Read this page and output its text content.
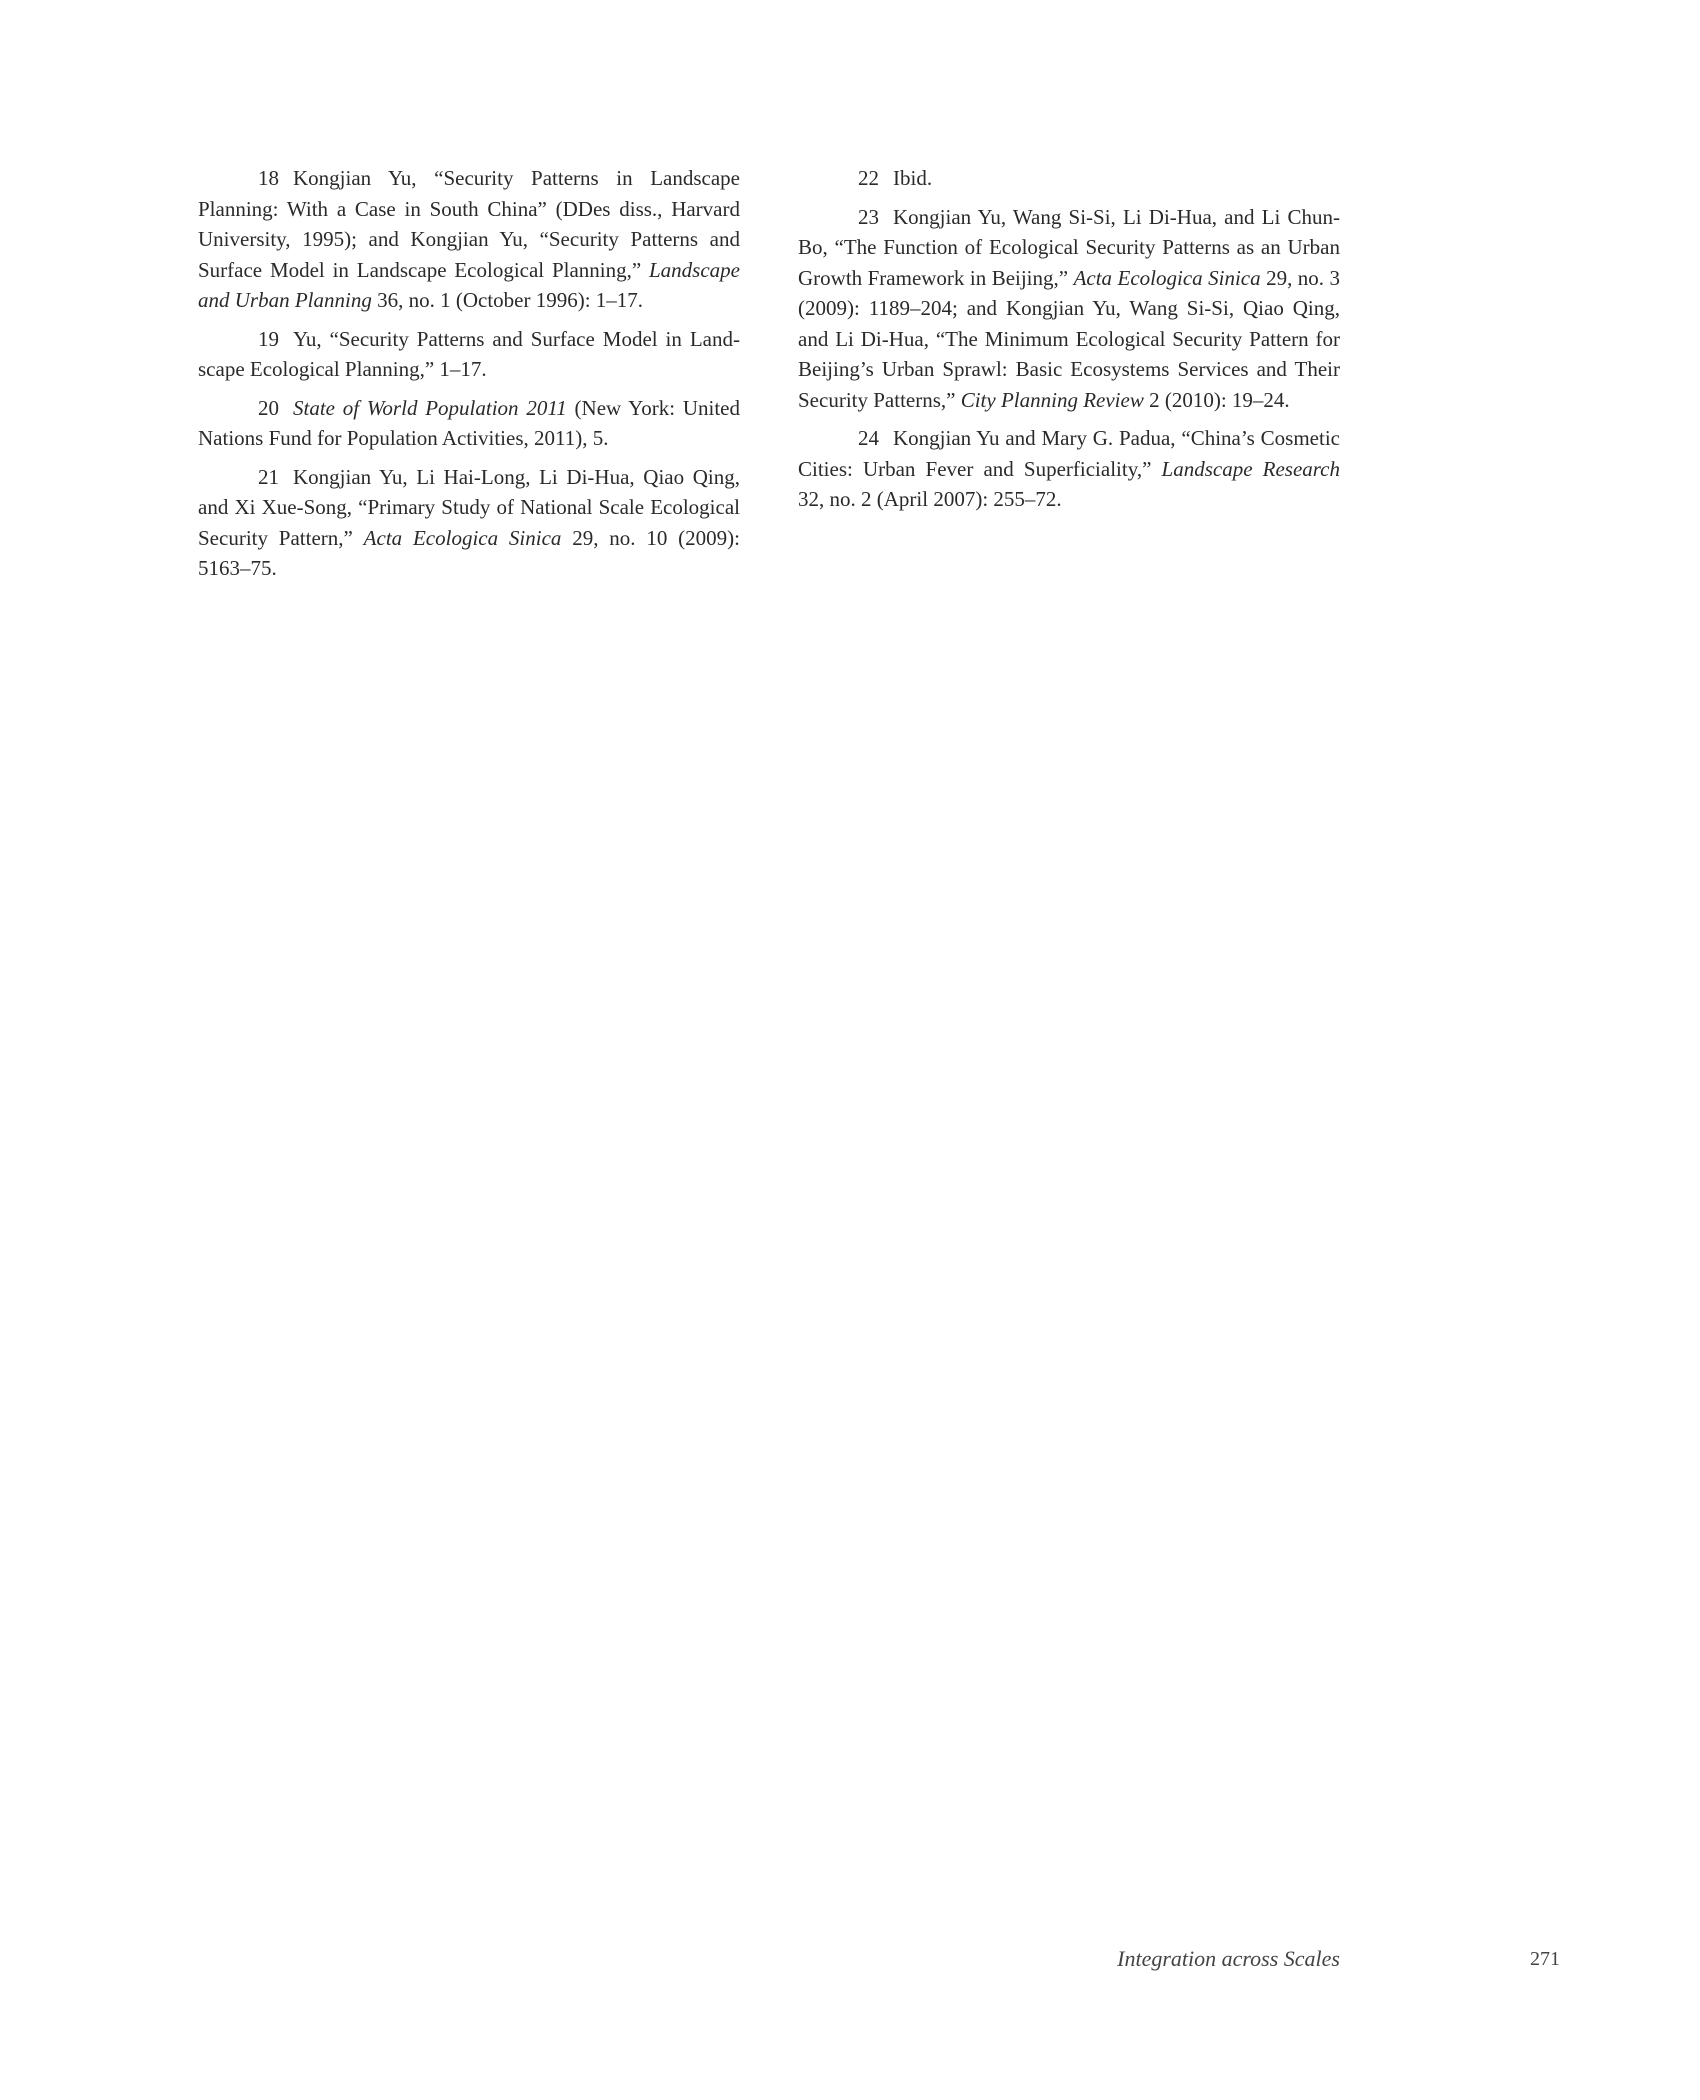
18 Kongjian Yu, “Security Patterns in Landscape Planning: With a Case in South China” (DDes diss., Harvard University, 1995); and Kongjian Yu, “Security Patterns and Surface Model in Landscape Ecological Planning,” Landscape and Urban Planning 36, no. 1 (October 1996): 1–17.

19 Yu, “Security Patterns and Surface Model in Land-scape Ecological Planning,” 1–17.

20 State of World Population 2011 (New York: United Nations Fund for Population Activities, 2011), 5.

21 Kongjian Yu, Li Hai-Long, Li Di-Hua, Qiao Qing, and Xi Xue-Song, “Primary Study of National Scale Ecological Security Pattern,” Acta Ecologica Sinica 29, no. 10 (2009): 5163–75.

22 Ibid.

23 Kongjian Yu, Wang Si-Si, Li Di-Hua, and Li Chun-Bo, “The Function of Ecological Security Patterns as an Urban Growth Framework in Beijing,” Acta Ecologica Sinica 29, no. 3 (2009): 1189–204; and Kongjian Yu, Wang Si-Si, Qiao Qing, and Li Di-Hua, “The Minimum Ecological Security Pattern for Beijing’s Urban Sprawl: Basic Ecosystems Services and Their Security Patterns,” City Planning Review 2 (2010): 19–24.

24 Kongjian Yu and Mary G. Padua, “China’s Cosmetic Cities: Urban Fever and Superficiality,” Landscape Research 32, no. 2 (April 2007): 255–72.

Integration across Scales	271
